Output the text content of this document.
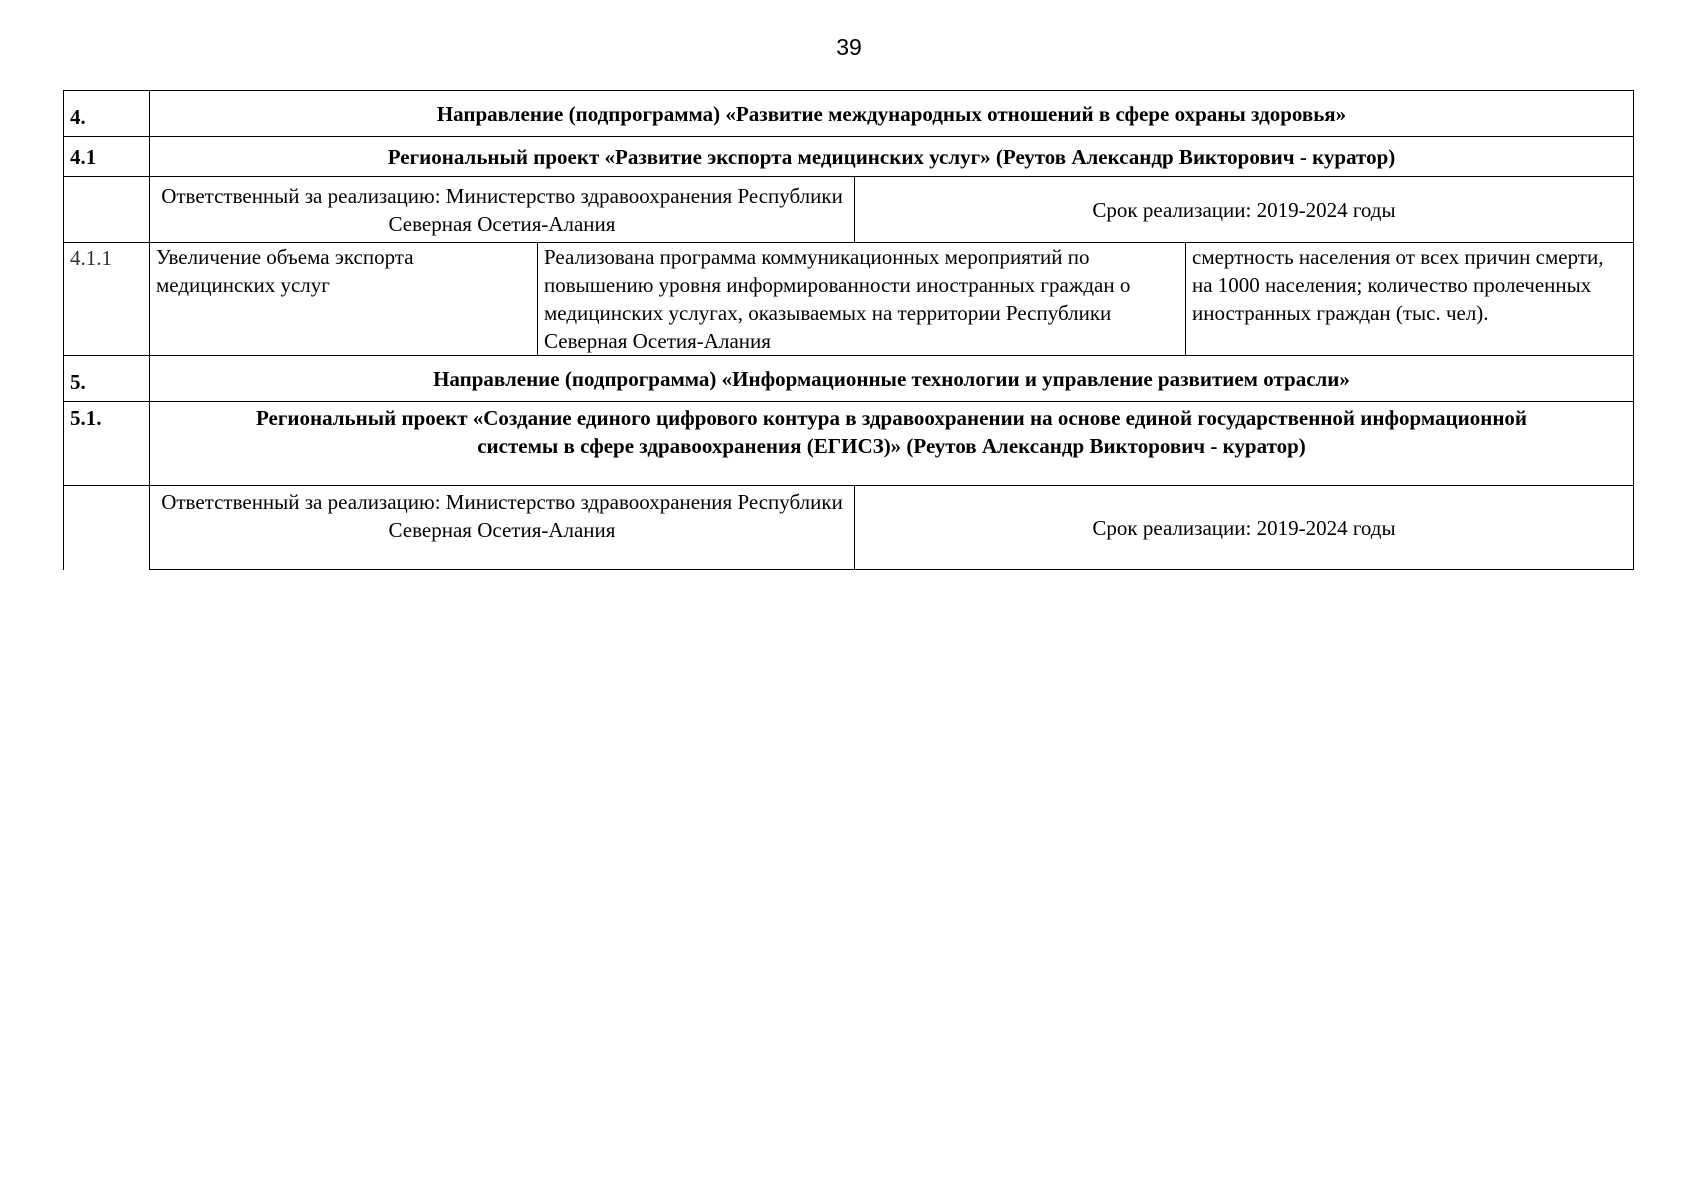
39
4.	Направление (подпрограмма) «Развитие международных отношений в сфере охраны здоровья»			
4.1	Региональный проект «Развитие экспорта медицинских услуг» (Реутов Александр Викторович - куратор)			
	Ответственный за реализацию: Министерство здравоохранения Республики Северная Осетия-Алания		Срок реализации: 2019-2024 годы	
4.1.1	Увеличение объема экспорта медицинских услуг	Реализована программа коммуникационных мероприятий по повышению уровня информированности иностранных граждан о медицинских услугах, оказываемых на территории Республики Северная Осетия-Алания		смертность населения от всех причин смерти, на 1000 населения; количество пролеченных иностранных граждан (тыс. чел).
5.	Направление (подпрограмма) «Информационные технологии и управление развитием отрасли»			
5.1.	Региональный проект «Создание единого цифрового контура в здравоохранении на основе единой государственной информационной системы в сфере здравоохранения (ЕГИСЗ)» (Реутов Александр Викторович - куратор)			
	Ответственный за реализацию: Министерство здравоохранения Республики Северная Осетия-Алания		Срок реализации: 2019-2024 годы	
